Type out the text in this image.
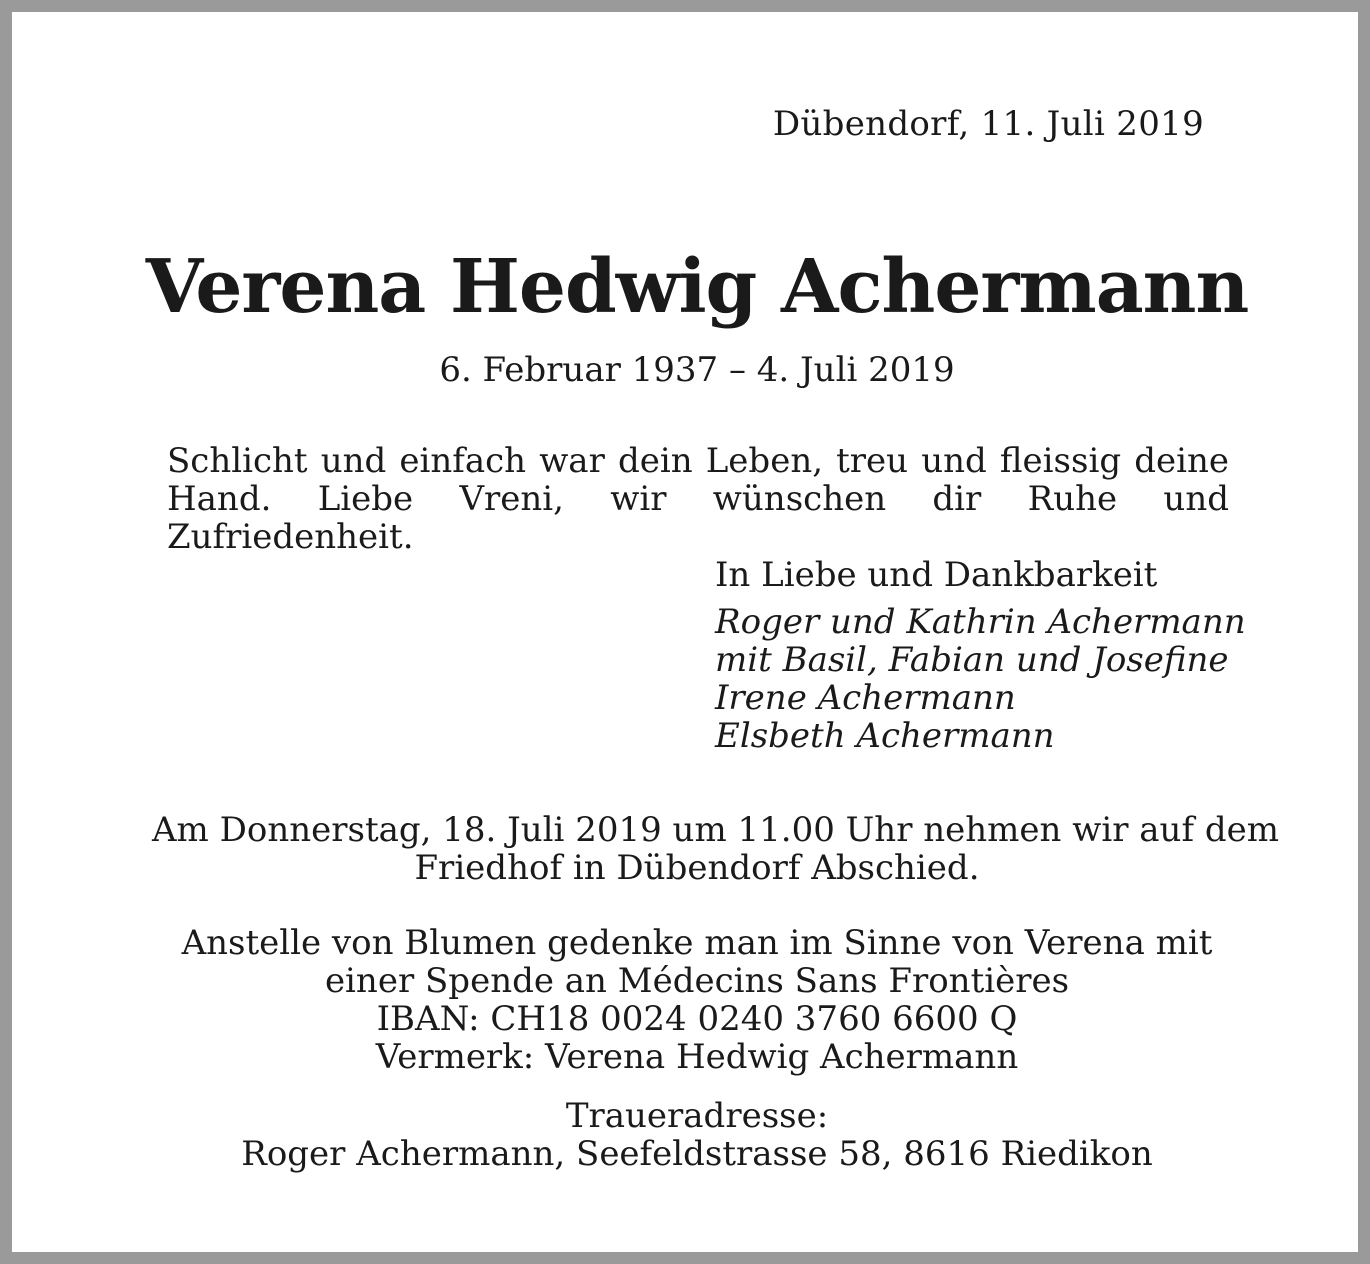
Dübendorf, 11. Juli 2019
Verena Hedwig Achermann
6. Februar 1937 – 4. Juli 2019
Schlicht und einfach war dein Leben, treu und fleissig deine Hand. Liebe Vreni, wir wünschen dir Ruhe und Zufriedenheit.
In Liebe und Dankbarkeit
Roger und Kathrin Achermann
mit Basil, Fabian und Josefine
Irene Achermann
Elsbeth Achermann
Am Donnerstag, 18. Juli 2019 um 11.00 Uhr nehmen wir auf dem
Friedhof in Dübendorf Abschied.
Anstelle von Blumen gedenke man im Sinne von Verena mit
einer Spende an Médecins Sans Frontières
IBAN: CH18 0024 0240 3760 6600 Q
Vermerk: Verena Hedwig Achermann
Traueradresse:
Roger Achermann, Seefeldstrasse 58, 8616 Riedikon
